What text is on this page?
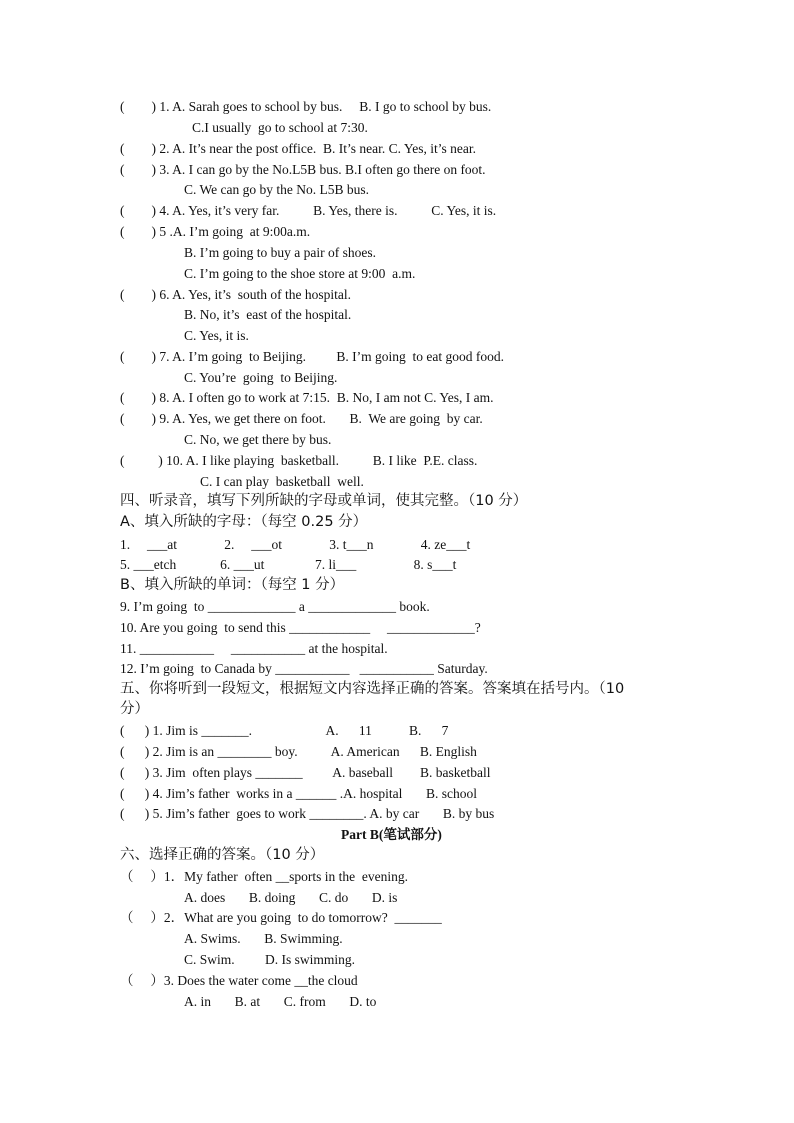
(        ) 1. A. Sarah goes to school by bus.     B. I go to school by bus.
C.I usually  go to school at 7:30.
(        ) 2. A. It’s near the post office.  B. It’s near. C. Yes, it’s near.
(        ) 3. A. I can go by the No.L5B bus. B.I often go there on foot.
C. We can go by the No. L5B bus.
(        ) 4. A. Yes, it’s very far.          B. Yes, there is.          C. Yes, it is.
(        ) 5 .A. I’m going  at 9:00a.m.
B. I’m going to buy a pair of shoes.
C. I’m going to the shoe store at 9:00  a.m.
(        ) 6. A. Yes, it’s  south of the hospital.
B. No, it’s  east of the hospital.
C. Yes, it is.
(        ) 7. A. I’m going  to Beijing.         B. I’m going  to eat good food.
C. You’re  going  to Beijing.
(        ) 8. A. I often go to work at 7:15.  B. No, I am not C. Yes, I am.
(        ) 9. A. Yes, we get there on foot.       B.  We are going  by car.
C. No, we get there by bus.
(          ) 10. A. I like playing  basketball.          B. I like  P.E. class.
C. I can play  basketball  well.
四、听录音，填写下列所缺的字母或单词，使其完整。（10 分）
A、填入所缺的字母：（每空 0.25 分）
1.     ___at              2.     ___ot              3. t___n              4. ze___t
5. ___etch             6. ___ut               7. li___                 8. s___t
B、填入所缺的单词：（每空 1 分）
9. I’m going  to _____________ a _____________ book.
10. Are you going  to send this ____________     _____________?
11. ___________     ___________ at the hospital.
12. I’m going  to Canada by ___________   ___________ Saturday.
五、你将听到一段短文，根据短文内容选择正确的答案。答案填在括号内。（10
分）
(      ) 1. Jim is _______.                      A.      11           B.      7
(      ) 2. Jim is an ________ boy.          A. American      B. English
(      ) 3. Jim  often plays _______         A. baseball        B. basketball
(      ) 4. Jim’s father  works in a ______ .A. hospital       B. school
(      ) 5. Jim’s father  goes to work ________. A. by car       B. by bus
Part B(笔试部分)
六、选择正确的答案。（10 分）
（     ）1．My father  often __sports in the  evening.
A. does       B. doing       C. do       D. is
（     ）2．What are you going  to do tomorrow?  _______
A. Swims.       B. Swimming.
C. Swim.         D. Is swimming.
（     ）3. Does the water come __the cloud
A. in       B. at       C. from       D. to
